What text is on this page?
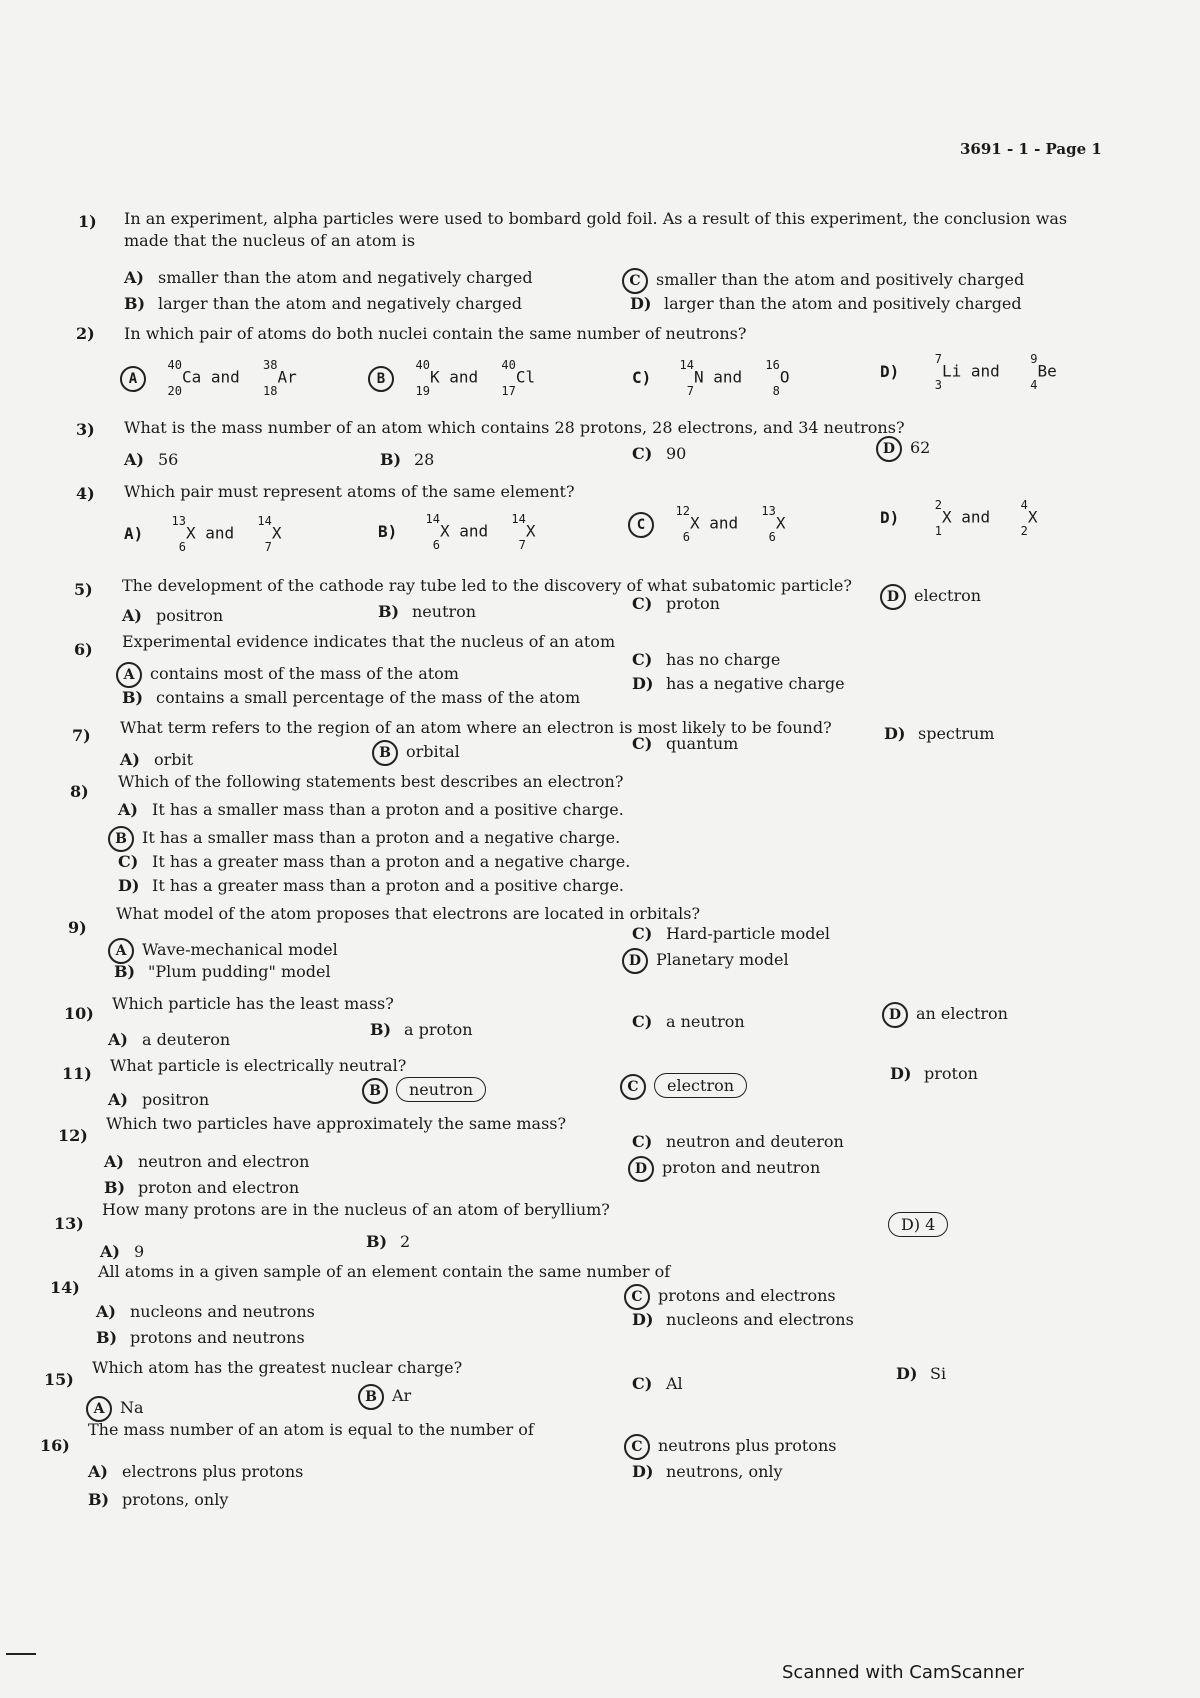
3691 - 1 - Page 1
1) In an experiment, alpha particles were used to bombard gold foil. As a result of this experiment, the conclusion was made that the nucleus of an atom is
A) smaller than the atom and negatively charged
B) larger than the atom and negatively charged
C smaller than the atom and positively charged
D) larger than the atom and positively charged
2) In which pair of atoms do both nuclei contain the same number of neutrons?
A
40
20
Ca and
38
18
Ar	B
40
19
K and
40
17
Cl	C)
14
7
N and
16
8
O	D)
7
3
Li and
9
4
Be
3) What is the mass number of an atom which contains 28 protons, 28 electrons, and 34 neutrons?
A) 56	B) 28	C) 90	D 62
4) Which pair must represent atoms of the same element?
A)
13
6
X and
14
7
X	B)
14
6
X and
14
7
X	C
12
6
X and
13
6
X	D)
2
1
X and
4
2
X
5) The development of the cathode ray tube led to the discovery of what subatomic particle?
A) positron	B) neutron	C) proton	D electron
6) Experimental evidence indicates that the nucleus of an atom
A contains most of the mass of the atom
B) contains a small percentage of the mass of the atom
C) has no charge
D) has a negative charge
7) What term refers to the region of an atom where an electron is most likely to be found?
A) orbit	B orbital	C) quantum
D) spectrum
8)
Which of the following statements best describes an electron?
A) It has a smaller mass than a proton and a positive charge.
B It has a smaller mass than a proton and a negative charge.
C) It has a greater mass than a proton and a negative charge.
D) It has a greater mass than a proton and a positive charge.
9)
What model of the atom proposes that electrons are located in orbitals?
A Wave-mechanical model
B) "Plum pudding" model
C) Hard-particle model
D Planetary model
10)
Which particle has the least mass?
A) a deuteron
B) a proton	C) a neutron	D an electron
11) What particle is electrically neutral?
A) positron	B neutron	C electron
D) proton
12)
Which two particles have approximately the same mass?
A) neutron and electron
B) proton and electron
C) neutron and deuteron
D proton and neutron
13)
How many protons are in the nucleus of an atom of beryllium?
A) 9
B) 2
D) 4
14)
All atoms in a given sample of an element contain the same number of
A) nucleons and neutrons
B) protons and neutrons
C protons and electrons
D) nucleons and electrons
15)
Which atom has the greatest nuclear charge?
A Na
B Ar
C) Al
D) Si
16)
The mass number of an atom is equal to the number of
A) electrons plus protons
B) protons, only
C neutrons plus protons
D) neutrons, only
Scanned with CamScanner
